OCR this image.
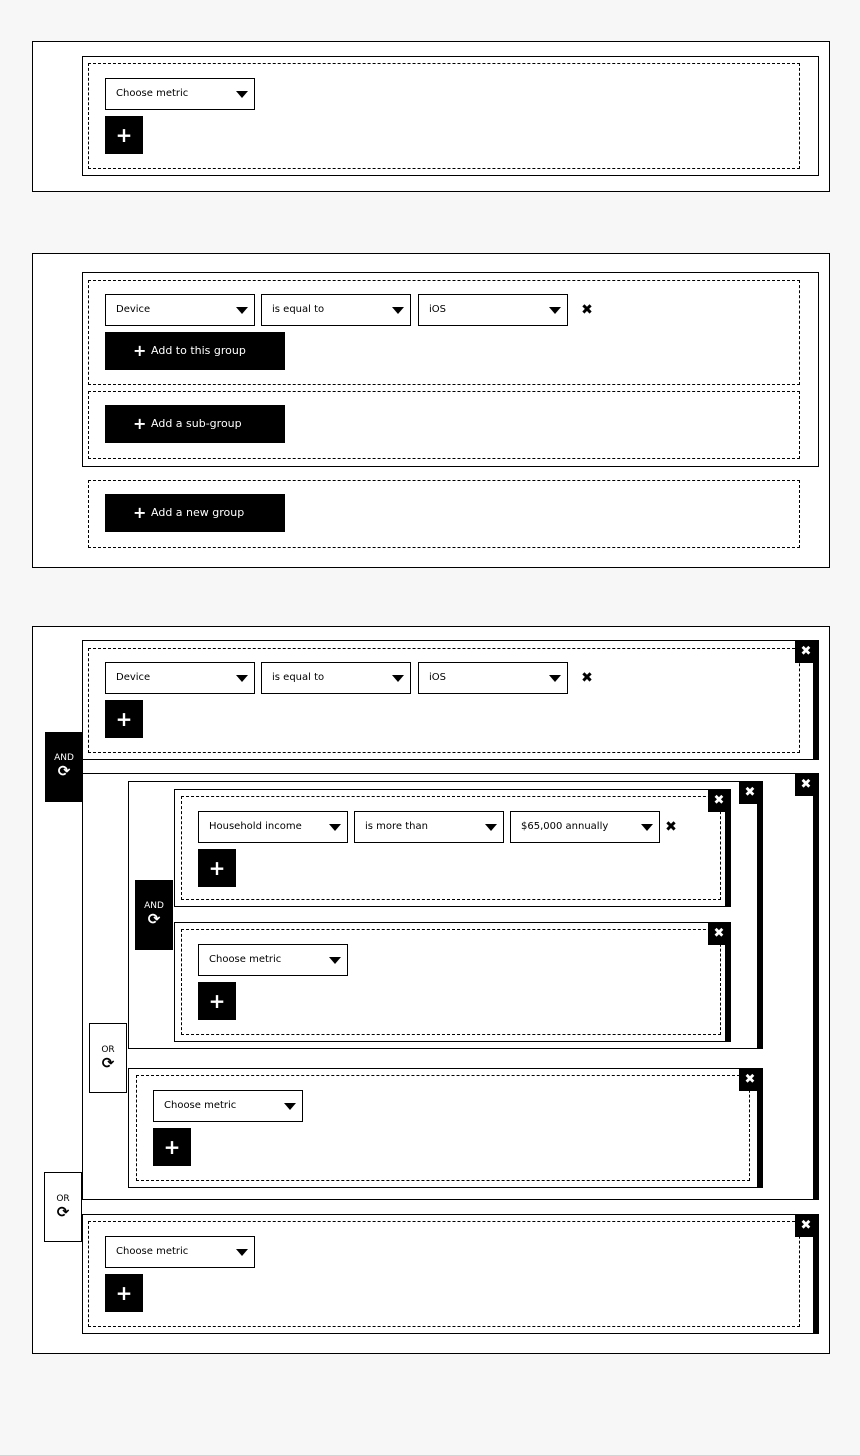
Choose metric
+
Device	is equal to	iOS	✖
+ Add to this group
+ Add a sub-group
+ Add a new group
✖
Device	is equal to	iOS	✖
+
AND
⟳
✖
✖
✖
Household income	is more than	$65,000 annually	✖
+
AND
⟳
✖
Choose metric
+
OR
⟳
✖
Choose metric
+
OR
⟳
✖
Choose metric
+
